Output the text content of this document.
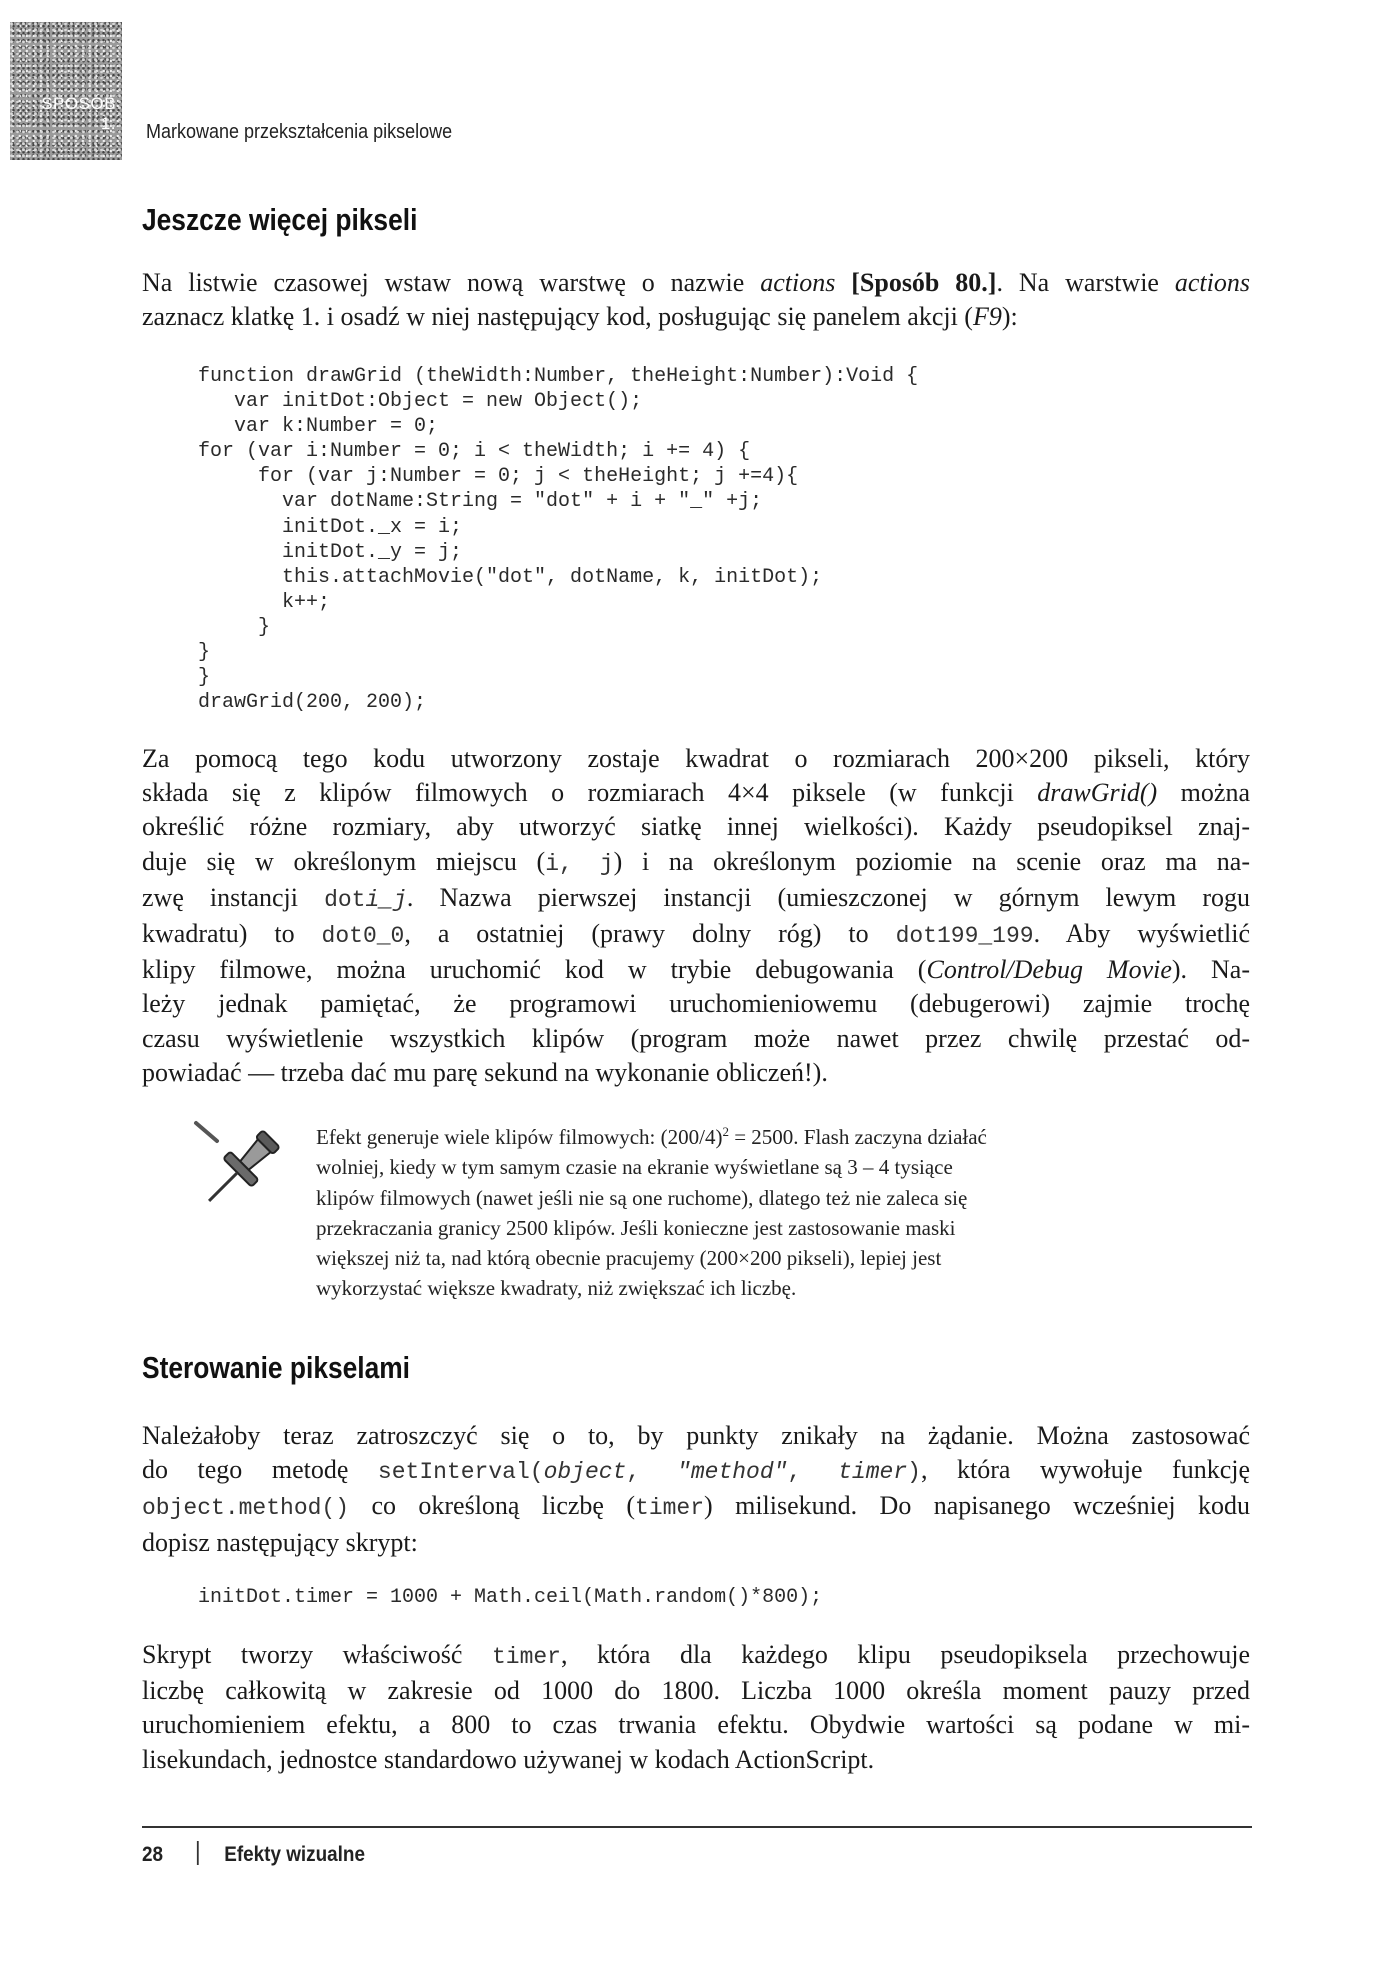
SPOSÓB
1. Markowane przekształcenia pikselowe
Jeszcze więcej pikseli

Na listwie czasowej wstaw nową warstwę o nazwie actions [Sposób 80.]. Na warstwie actions
zaznacz klatkę 1. i osadź w niej następujący kod, posługując się panelem akcji (F9):

function drawGrid (theWidth:Number, theHeight:Number):Void {
var initDot:Object = new Object();
var k:Number = 0;
for (var i:Number = 0; i < theWidth; i += 4) {
for (var j:Number = 0; j < theHeight; j +=4){
var dotName:String = "dot" + i + "_" +j;
initDot._x = i;
initDot._y = j;
this.attachMovie("dot", dotName, k, initDot);
k++;
}
}
}
drawGrid(200, 200);

Za pomocą tego kodu utworzony zostaje kwadrat o rozmiarach 200×200 pikseli, który
składa się z klipów filmowych o rozmiarach 4×4 piksele (w funkcji drawGrid() można
określić różne rozmiary, aby utworzyć siatkę innej wielkości). Każdy pseudopiksel znaj-
duje się w określonym miejscu (i, j) i na określonym poziomie na scenie oraz ma na-
zwę instancji doti_j. Nazwa pierwszej instancji (umieszczonej w górnym lewym rogu
kwadratu) to dot0_0, a ostatniej (prawy dolny róg) to dot199_199. Aby wyświetlić
klipy filmowe, można uruchomić kod w trybie debugowania (Control/Debug Movie). Na-
leży jednak pamiętać, że programowi uruchomieniowemu (debugerowi) zajmie trochę
czasu wyświetlenie wszystkich klipów (program może nawet przez chwilę przestać od-
powiadać — trzeba dać mu parę sekund na wykonanie obliczeń!).

Efekt generuje wiele klipów filmowych: $(200/4)^2 = 2500$. Flash zaczyna działać
wolniej, kiedy w tym samym czasie na ekranie wyświetlane są 3 – 4 tysiące
klipów filmowych (nawet jeśli nie są one ruchome), dlatego też nie zaleca się
przekraczania granicy 2500 klipów. Jeśli konieczne jest zastosowanie maski
większej niż ta, nad którą obecnie pracujemy (200×200 pikseli), lepiej jest
wykorzystać większe kwadraty, niż zwiększać ich liczbę.
Sterowanie pikselami

Należałoby teraz zatroszczyć się o to, by punkty znikały na żądanie. Można zastosować
do tego metodę setInterval(object, "method", timer), która wywołuje funkcję
object.method() co określoną liczbę (timer) milisekund. Do napisanego wcześniej kodu
dopisz następujący skrypt:

initDot.timer = 1000 + Math.ceil(Math.random()*800);

Skrypt tworzy właściwość timer, która dla każdego klipu pseudopiksela przechowuje
liczbę całkowitą w zakresie od 1000 do 1800. Liczba 1000 określa moment pauzy przed
uruchomieniem efektu, a 800 to czas trwania efektu. Obydwie wartości są podane w mi-
lisekundach, jednostce standardowo używanej w kodach ActionScript.

28	Efekty wizualne
